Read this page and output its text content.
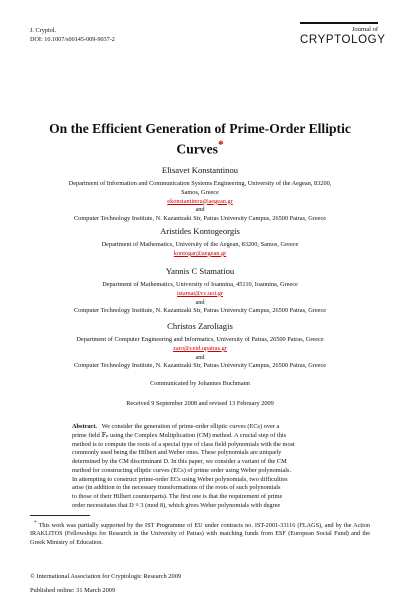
J. Cryptol.
DOI: 10.1007/s00145-009-9037-2
Journal of
CRYPTOLOGY
On the Efficient Generation of Prime-Order Elliptic
Curves*
Elisavet Konstantinou
Department of Information and Communication Systems Engineering, University of the Aegean, 83200,
Samos, Greece
ekonstantinou@aegean.gr
and
Computer Technology Institute, N. Kazantzaki Str, Patras University Campus, 26500 Patras, Greece
Aristides Kontogeorgis
Department of Mathematics, University of the Aegean, 83200, Samos, Greece
kontogar@aegean.gr
Yannis C Stamatiou
Department of Mathematics, University of Ioannina, 45110, Ioannina, Greece
istamat@cc.uoi.gr
and
Computer Technology Institute, N. Kazantzaki Str, Patras University Campus, 26500 Patras, Greece
Christos Zaroliagis
Department of Computer Engineering and Informatics, University of Patras, 26500 Patras, Greece
zaro@ceid.upatras.gr
and
Computer Technology Institute, N. Kazantzaki Str, Patras University Campus, 26500 Patras, Greece
Communicated by Johannes Buchmann
Received 9 September 2008 and revised 13 February 2009
Abstract. We consider the generation of prime-order elliptic curves (ECs) over a
prime field 𝔽ₚ using the Complex Multiplication (CM) method. A crucial step of this
method is to compute the roots of a special type of class field polynomials with the most
commonly used being the Hilbert and Weber ones. These polynomials are uniquely
determined by the CM discriminant D. In this paper, we consider a variant of the CM
method for constructing elliptic curves (ECs) of prime order using Weber polynomials.
In attempting to construct prime-order ECs using Weber polynomials, two difficulties
arise (in addition to the necessary transformations of the roots of such polynomials
to those of their Hilbert counterparts). The first one is that the requirement of prime
order necessitates that D ≡ 3 (mod 8), which gives Weber polynomials with degree
* This work was partially supported by the IST Programme of EU under contracts no. IST-2001-33116 (FLAGS), and by the Action IRAKLITOS (Fellowships for Research in the University of Patras) with matching funds from ESF (European Social Fund) and the Greek Ministry of Education.
© International Association for Cryptologic Research 2009
Published online: 31 March 2009
